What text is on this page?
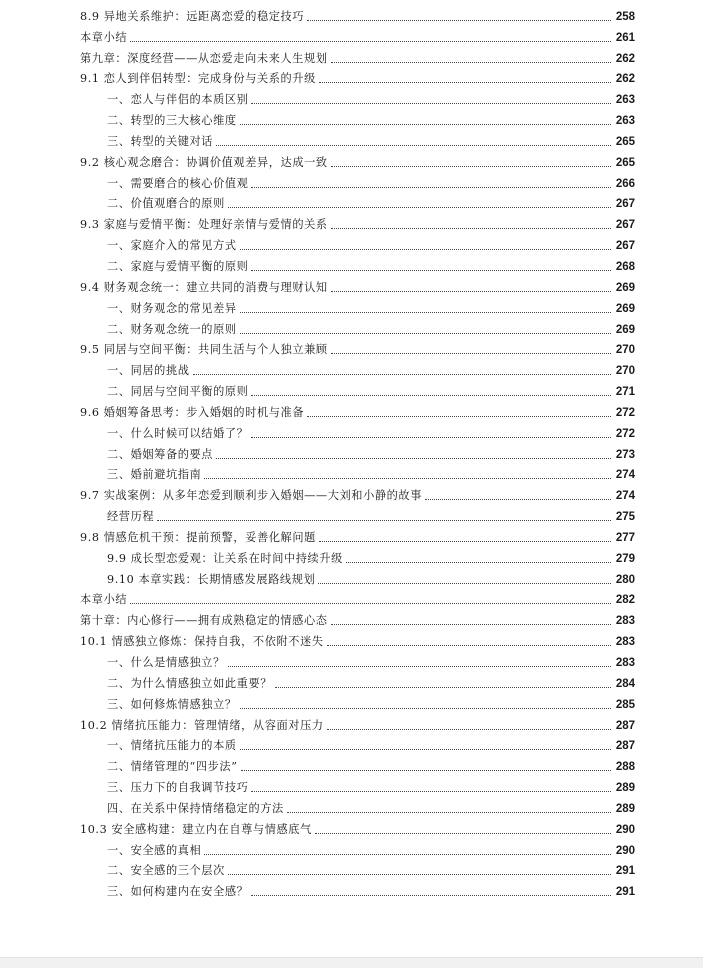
8.9 异地关系维护：远距离恋爱的稳定技巧	258
本章小结	261
第九章：深度经营——从恋爱走向未来人生规划	262
9.1 恋人到伴侣转型：完成身份与关系的升级	262
一、恋人与伴侣的本质区别	263
二、转型的三大核心维度	263
三、转型的关键对话	265
9.2 核心观念磨合：协调价值观差异，达成一致	265
一、需要磨合的核心价值观	266
二、价值观磨合的原则	267
9.3 家庭与爱情平衡：处理好亲情与爱情的关系	267
一、家庭介入的常见方式	267
二、家庭与爱情平衡的原则	268
9.4 财务观念统一：建立共同的消费与理财认知	269
一、财务观念的常见差异	269
二、财务观念统一的原则	269
9.5 同居与空间平衡：共同生活与个人独立兼顾	270
一、同居的挑战	270
二、同居与空间平衡的原则	271
9.6 婚姻筹备思考：步入婚姻的时机与准备	272
一、什么时候可以结婚了？	272
二、婚姻筹备的要点	273
三、婚前避坑指南	274
9.7 实战案例：从多年恋爱到顺利步入婚姻——大刘和小静的故事	274
经营历程	275
9.8 情感危机干预：提前预警，妥善化解问题	277
9.9 成长型恋爱观：让关系在时间中持续升级	279
9.10 本章实践：长期情感发展路线规划	280
本章小结	282
第十章：内心修行——拥有成熟稳定的情感心态	283
10.1 情感独立修炼：保持自我，不依附不迷失	283
一、什么是情感独立？	283
二、为什么情感独立如此重要？	284
三、如何修炼情感独立？	285
10.2 情绪抗压能力：管理情绪，从容面对压力	287
一、情绪抗压能力的本质	287
二、情绪管理的“四步法”	288
三、压力下的自我调节技巧	289
四、在关系中保持情绪稳定的方法	289
10.3 安全感构建：建立内在自尊与情感底气	290
一、安全感的真相	290
二、安全感的三个层次	291
三、如何构建内在安全感？	291
